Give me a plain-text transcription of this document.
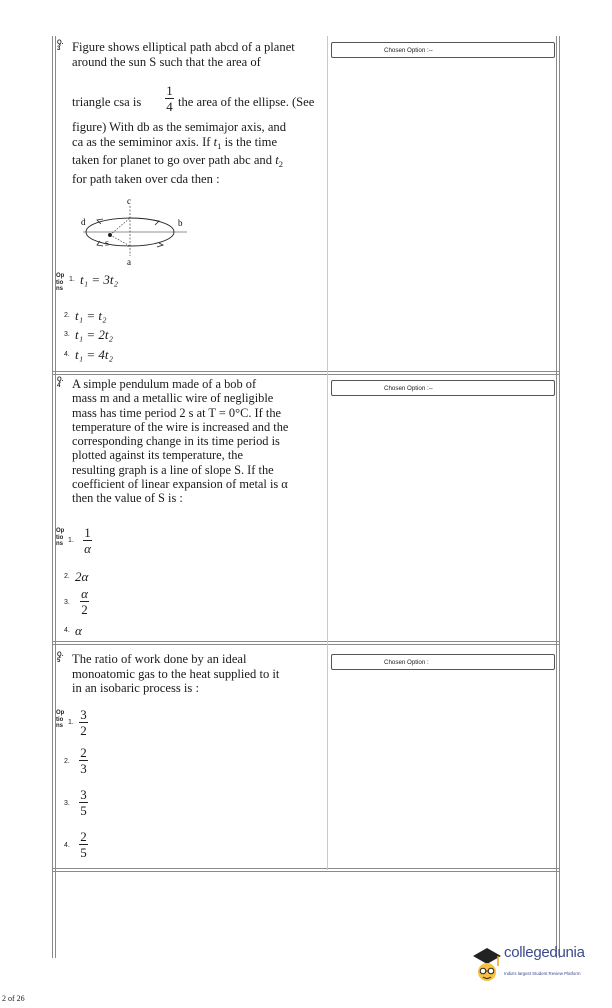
Q.
3 Figure shows elliptical path abcd of a planet
around the sun S such that the area of
triangle csa is
1
4 the area of the ellipse. (See
figure) With db as the semimajor axis, and
ca as the semiminor axis. If $t_1$ is the time
taken for planet to go over path abc and $t_2$
for path taken over cda then :
Chosen Option :--
c
d	b
a
S
Op
tio
ns
1. t₁ = 3t₂
2. t₁ = t₂
3. t₁ = 2t₂
4. t₁ = 4t₂
Q.
4 A simple pendulum made of a bob of
mass m and a metallic wire of negligible
mass has time period 2 s at T = 0°C. If the
temperature of the wire is increased and the
corresponding change in its time period is
plotted against its temperature, the
resulting graph is a line of slope S. If the
coefficient of linear expansion of metal is α
then the value of S is :
Chosen Option :--
Op
tio
ns 1.
1
α
2. 2α
3.
α
2
4. α
Q.
5 The ratio of work done by an ideal
monoatomic gas to the heat supplied to it
in an isobaric process is :
Chosen Option :
Op
tio
ns 1.
3
2
2.
2
3
3.
3
5
4.
2
5
collegedunia
India's largest Student Review Platform
2 of 26
